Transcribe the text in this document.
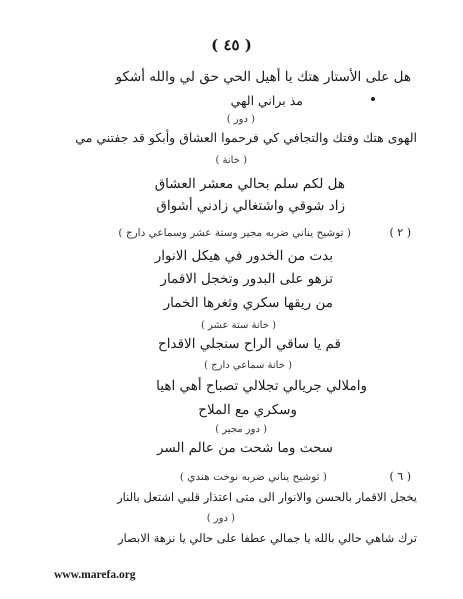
( ٤٥ )
هل على الأستار هتك يا أهيل الحي حق لي والله أشكو
مذ براني الهي
( دور )
الهوى هتك وفتك والتجافي كي فرحموا العشاق وأبكو قد جفتني مي
( خانة )
هل لكم سلم بحالي معشر العشاق
زاد شوقي واشتغالي زادني أشواق
( ٢ )
( توشيح يناني ضربه مجير وستة عشر وسماعي دارج )
بدت من الخدور في هيكل الانوار
تزهو على البدور وتخجل الاقمار
من ريقها سكري وثغرها الخمار
( خانة ستة عشر )
قم يا ساقي الراح سنجلي الاقداح
( خانة سماعي دارج )
واملالي جريالي تجلالي تصباح أهي اهيا
وسكري مع الملاح
( دور مجير )
سحت وما شحت من عالم السر
( ٦ )
( توشيح يناني ضربه نوخت هندي )
يخجل الاقمار بالحسن والانوار الى متى اعتذار قلبي اشتعل بالنار
( دور )
ترك شاهي حالي بالله يا جمالي عطفا على حالي يا نزهة الابصار
www.marefa.org
